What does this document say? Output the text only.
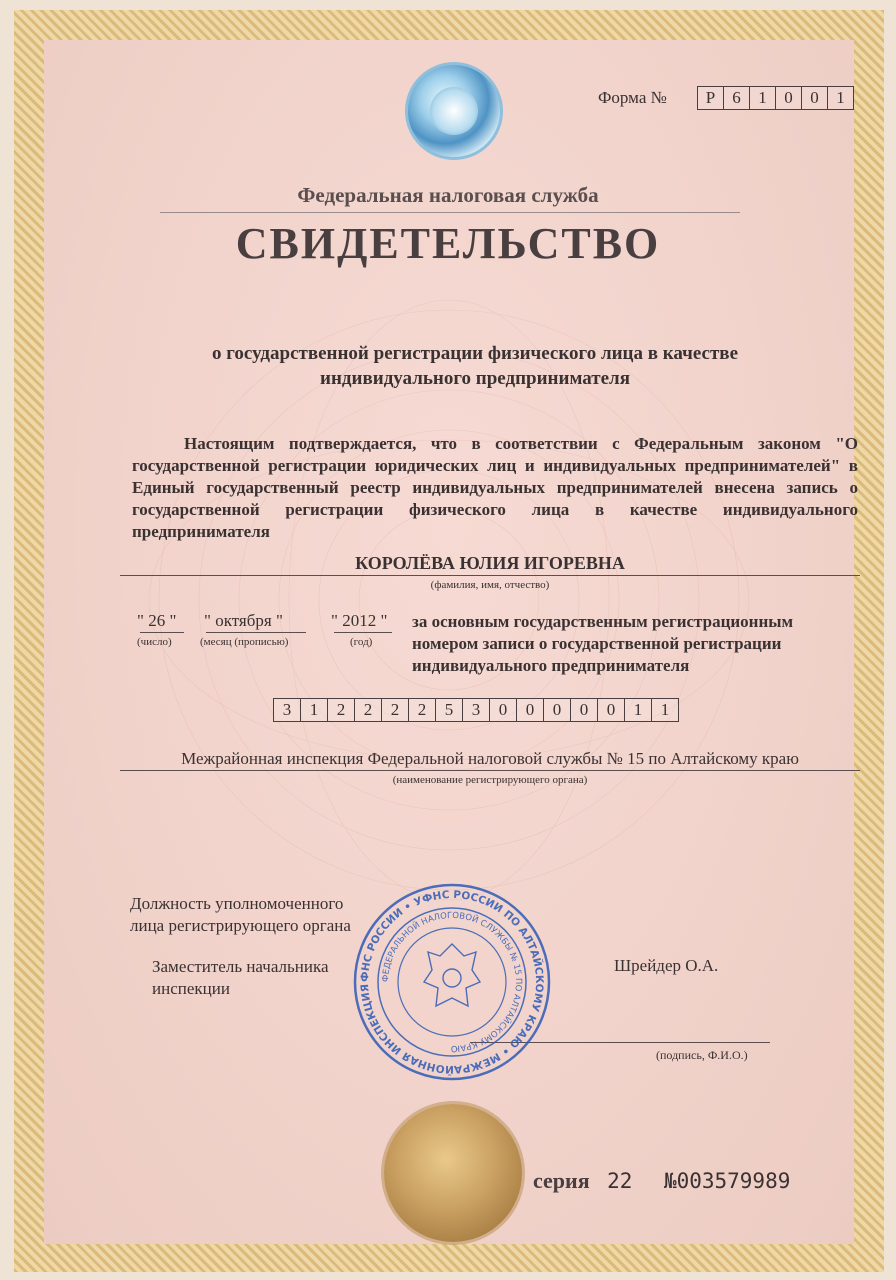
Форма №	Р	6	1	0	0	1
Федеральная налоговая служба
СВИДЕТЕЛЬСТВО
о государственной регистрации физического лица в качестве индивидуального предпринимателя
Настоящим подтверждается, что в соответствии с Федеральным законом "О государственной регистрации юридических лиц и индивидуальных предпринимателей" в Единый государственный реестр индивидуальных предпринимателей внесена запись о государственной регистрации физического лица в качестве индивидуального предпринимателя
КОРОЛЁВА ЮЛИЯ ИГОРЕВНА
(фамилия, имя, отчество)
" 26 "
(число)
" октября "
(месяц (прописью)
" 2012 "
(год)
за основным государственным регистрационным номером записи о государственной регистрации индивидуального предпринимателя
3	1	2	2	2	2	5	3	0	0	0	0	0	1	1
Межрайонная инспекция Федеральной налоговой службы № 15 по Алтайскому краю
(наименование регистрирующего органа)
Должность уполномоченного лица регистрирующего органа
Заместитель начальника инспекции
Шрейдер О.А.
(подпись, Ф.И.О.)
ФНС РОССИИ • УФНС РОССИИ ПО АЛТАЙСКОМУ КРАЮ • МЕЖРАЙОННАЯ ИНСПЕКЦИЯ
ФЕДЕРАЛЬНОЙ НАЛОГОВОЙ СЛУЖБЫ № 15 ПО АЛТАЙСКОМУ КРАЮ
серия 22 №003579989
